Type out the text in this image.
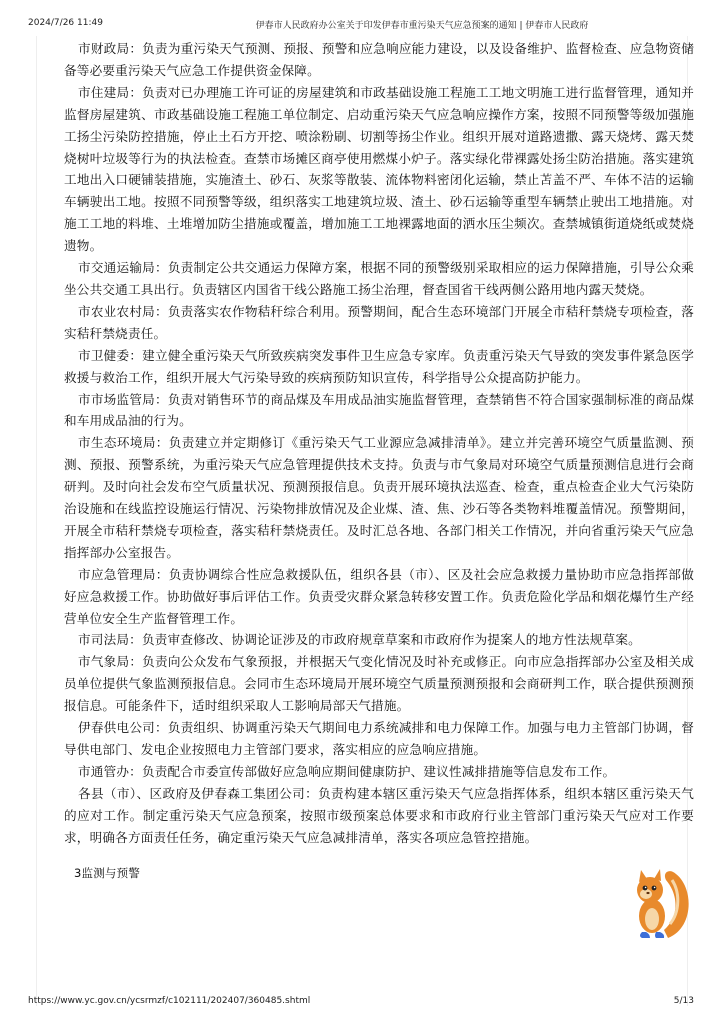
2024/7/26 11:49	伊春市人民政府办公室关于印发伊春市重污染天气应急预案的通知 | 伊春市人民政府

市财政局：负责为重污染天气预测、预报、预警和应急响应能力建设，以及设备维护、监督检查、应急物资储备等必要重污染天气应急工作提供资金保障。

市住建局：负责对已办理施工许可证的房屋建筑和市政基础设施工程施工工地文明施工进行监督管理，通知并监督房屋建筑、市政基础设施工程施工单位制定、启动重污染天气应急响应操作方案，按照不同预警等级加强施工扬尘污染防控措施，停止土石方开挖、喷涂粉刷、切割等扬尘作业。组织开展对道路遗撒、露天烧烤、露天焚烧树叶垃圾等行为的执法检查。查禁市场摊区商亭使用燃煤小炉子。落实绿化带裸露处扬尘防治措施。落实建筑工地出入口硬铺装措施，实施渣土、砂石、灰浆等散装、流体物料密闭化运输，禁止苫盖不严、车体不洁的运输车辆驶出工地。按照不同预警等级，组织落实工地建筑垃圾、渣土、砂石运输等重型车辆禁止驶出工地措施。对施工工地的料堆、土堆增加防尘措施或覆盖，增加施工工地裸露地面的洒水压尘频次。查禁城镇街道烧纸或焚烧遗物。

市交通运输局：负责制定公共交通运力保障方案，根据不同的预警级别采取相应的运力保障措施，引导公众乘坐公共交通工具出行。负责辖区内国省干线公路施工扬尘治理，督查国省干线两侧公路用地内露天焚烧。

市农业农村局：负责落实农作物秸秆综合利用。预警期间，配合生态环境部门开展全市秸秆禁烧专项检查，落实秸秆禁烧责任。

市卫健委：建立健全重污染天气所致疾病突发事件卫生应急专家库。负责重污染天气导致的突发事件紧急医学救援与救治工作，组织开展大气污染导致的疾病预防知识宣传，科学指导公众提高防护能力。

市市场监管局：负责对销售环节的商品煤及车用成品油实施监督管理，查禁销售不符合国家强制标准的商品煤和车用成品油的行为。

市生态环境局：负责建立并定期修订《重污染天气工业源应急减排清单》。建立并完善环境空气质量监测、预测、预报、预警系统，为重污染天气应急管理提供技术支持。负责与市气象局对环境空气质量预测信息进行会商研判。及时向社会发布空气质量状况、预测预报信息。负责开展环境执法巡查、检查，重点检查企业大气污染防治设施和在线监控设施运行情况、污染物排放情况及企业煤、渣、焦、沙石等各类物料堆覆盖情况。预警期间，开展全市秸秆禁烧专项检查，落实秸秆禁烧责任。及时汇总各地、各部门相关工作情况，并向省重污染天气应急指挥部办公室报告。

市应急管理局：负责协调综合性应急救援队伍，组织各县（市）、区及社会应急救援力量协助市应急指挥部做好应急救援工作。协助做好事后评估工作。负责受灾群众紧急转移安置工作。负责危险化学品和烟花爆竹生产经营单位安全生产监督管理工作。

市司法局：负责审查修改、协调论证涉及的市政府规章草案和市政府作为提案人的地方性法规草案。

市气象局：负责向公众发布气象预报，并根据天气变化情况及时补充或修正。向市应急指挥部办公室及相关成员单位提供气象监测预报信息。会同市生态环境局开展环境空气质量预测预报和会商研判工作，联合提供预测预报信息。可能条件下，适时组织采取人工影响局部天气措施。

伊春供电公司：负责组织、协调重污染天气期间电力系统减排和电力保障工作。加强与电力主管部门协调，督导供电部门、发电企业按照电力主管部门要求，落实相应的应急响应措施。

市通管办：负责配合市委宣传部做好应急响应期间健康防护、建议性减排措施等信息发布工作。

各县（市）、区政府及伊春森工集团公司：负责构建本辖区重污染天气应急指挥体系，组织本辖区重污染天气的应对工作。制定重污染天气应急预案，按照市级预案总体要求和市政府行业主管部门重污染天气应对工作要求，明确各方面责任任务，确定重污染天气应急减排清单，落实各项应急管控措施。

3监测与预警

https://www.yc.gov.cn/ycsrmzf/c102111/202407/360485.shtml	5/13
